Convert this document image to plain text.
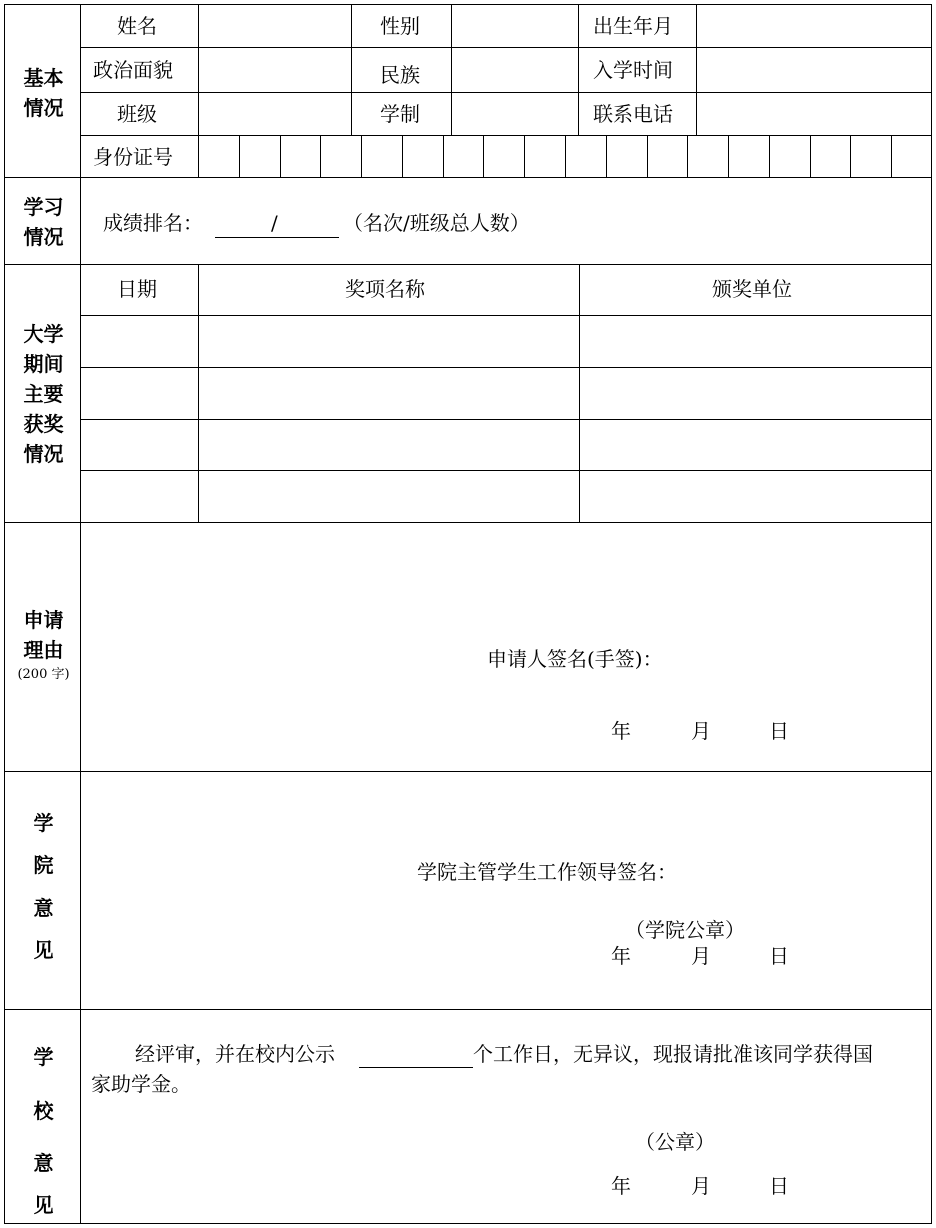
基本
情况
姓名	性别	出生年月
政治面貌	民族	入学时间
班级	学制	联系电话
身份证号
学习
情况
成绩排名：	/	（名次/班级总人数）
大学
期间
主要
获奖
情况
日期	奖项名称	颁奖单位
申请
理由
(200 字)
申请人签名(手签)：
年	月	日
学
院
意
见
学院主管学生工作领导签名：
（学院公章）
年	月	日
学
校
意
见
经评审，并在校内公示	个工作日，无异议，现报请批准该同学获得国
家助学金。
（公章）
年	月	日
